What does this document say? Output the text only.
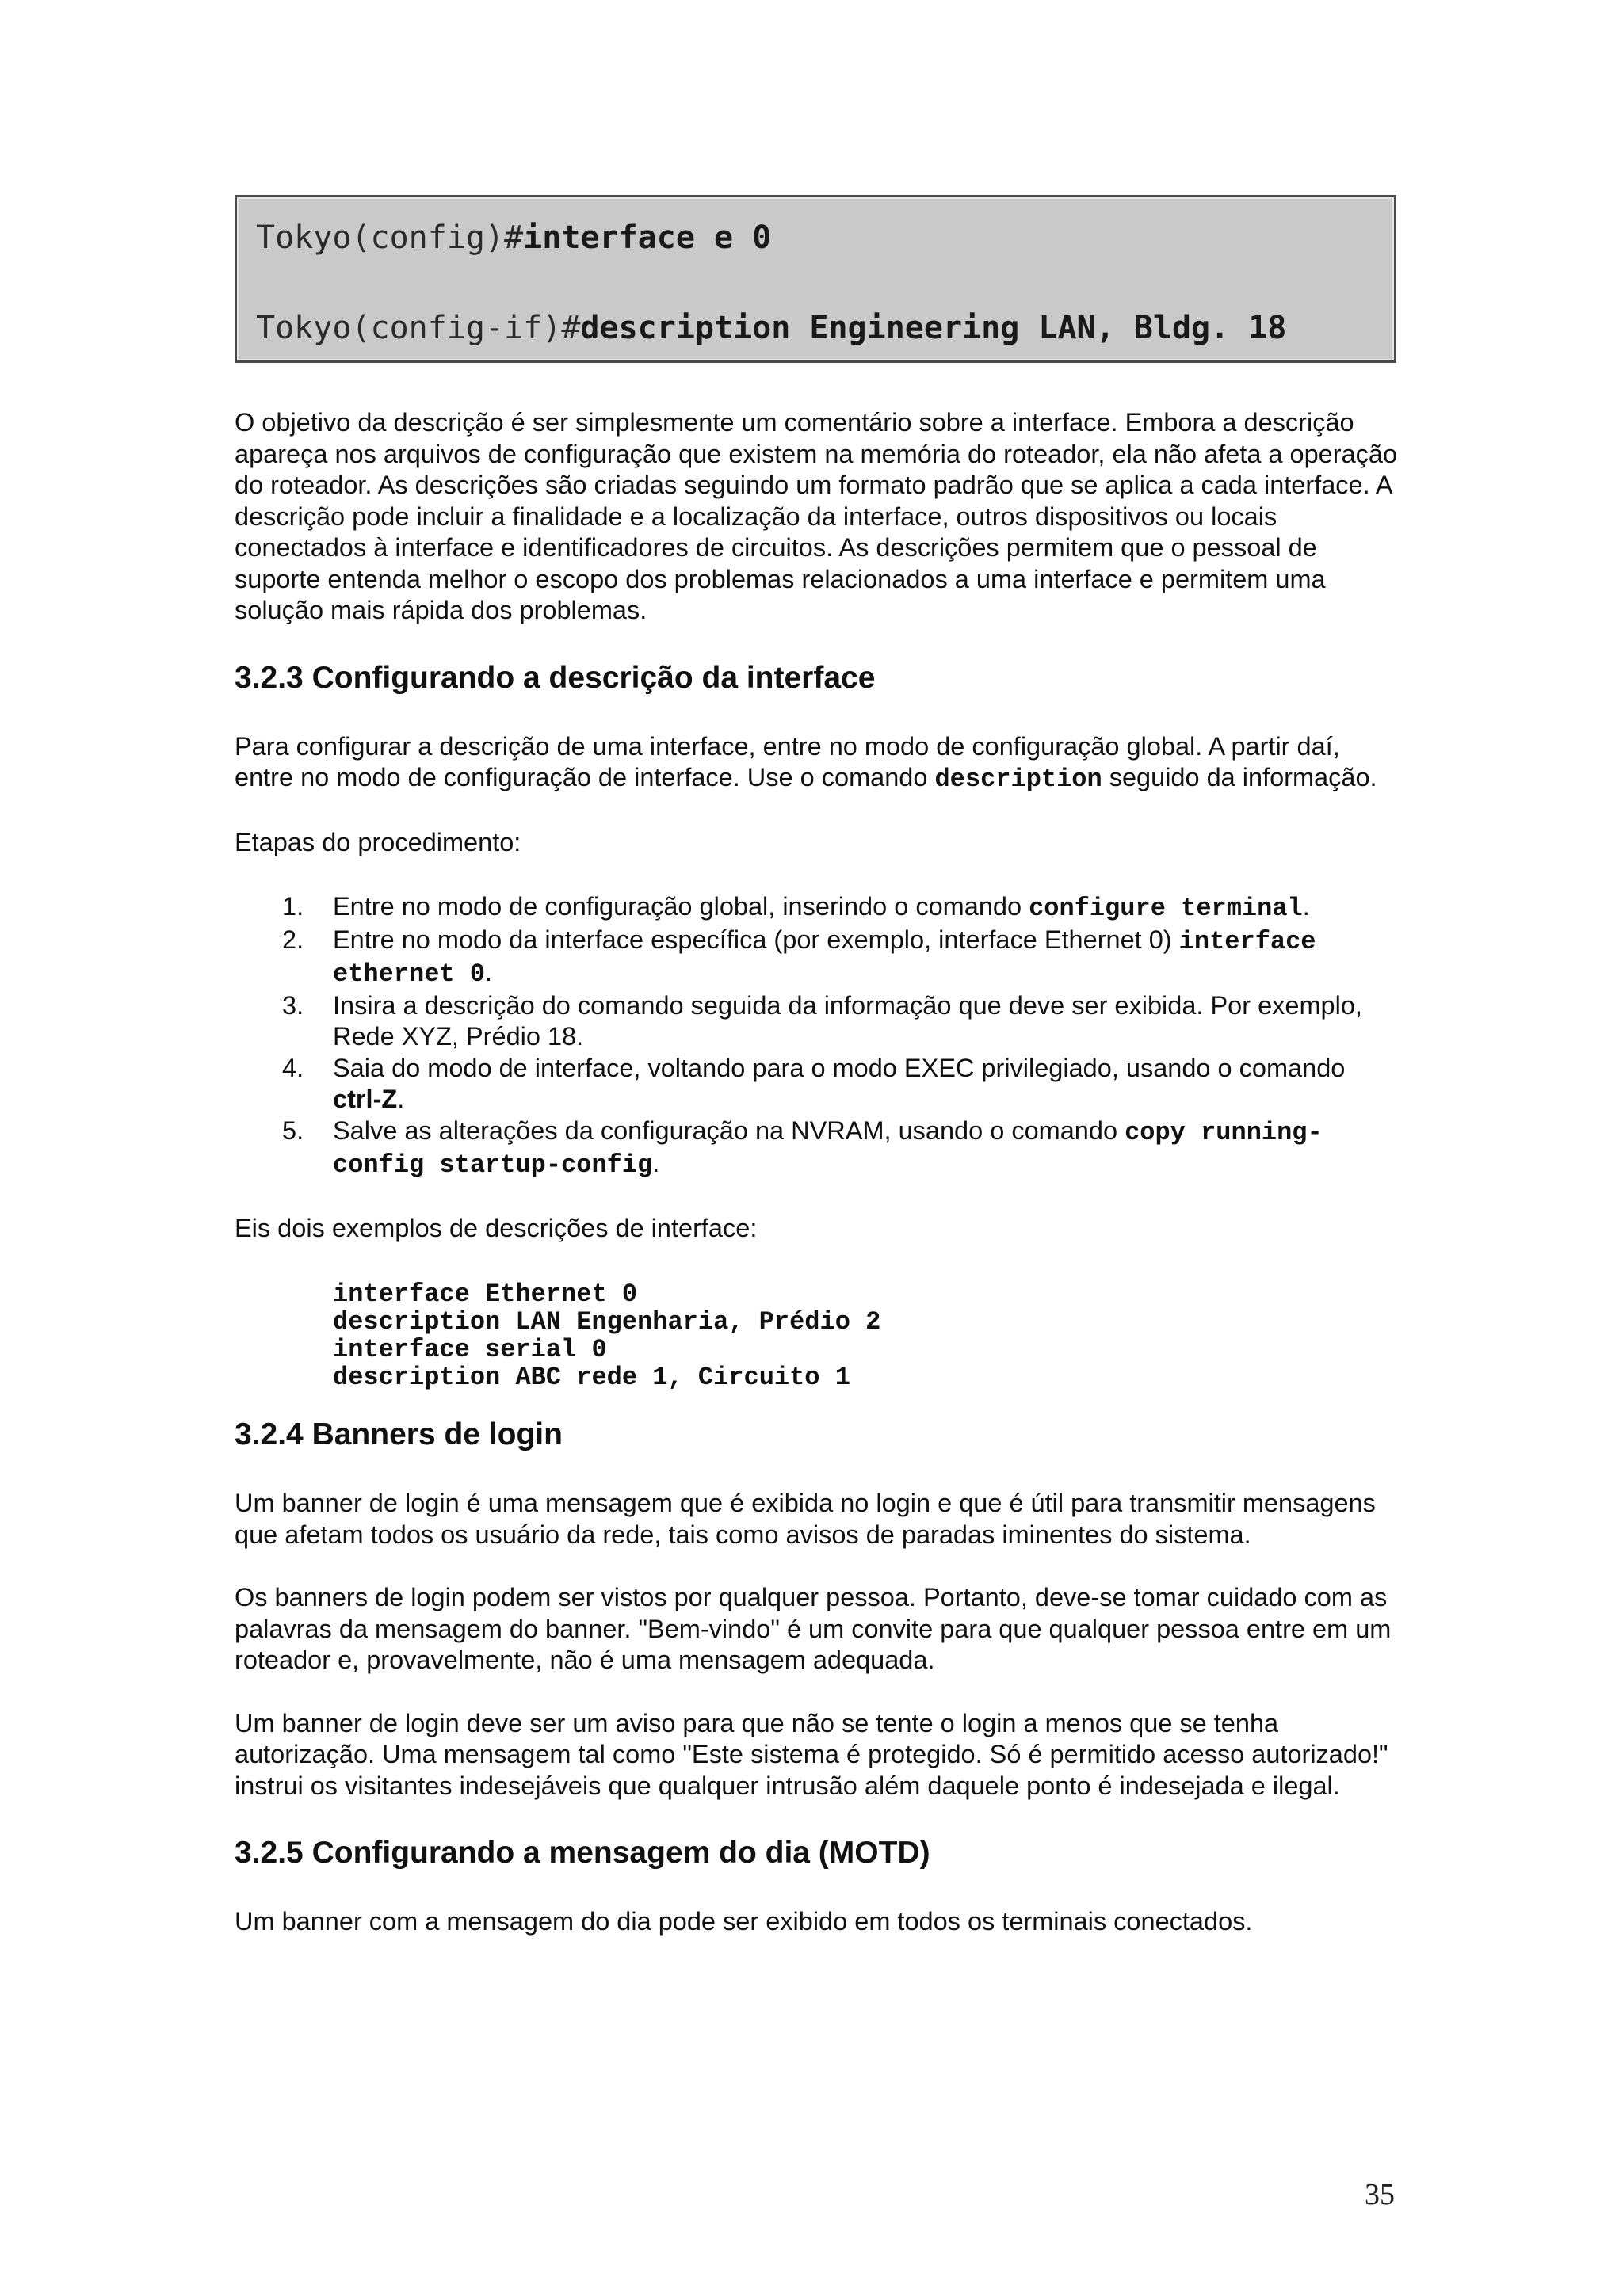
Tokyo(config)#interface e 0
Tokyo(config-if)#description Engineering LAN, Bldg. 18

O objetivo da descrição é ser simplesmente um comentário sobre a interface. Embora a descrição apareça nos arquivos de configuração que existem na memória do roteador, ela não afeta a operação do roteador. As descrições são criadas seguindo um formato padrão que se aplica a cada interface. A descrição pode incluir a finalidade e a localização da interface, outros dispositivos ou locais conectados à interface e identificadores de circuitos. As descrições permitem que o pessoal de suporte entenda melhor o escopo dos problemas relacionados a uma interface e permitem uma solução mais rápida dos problemas.

3.2.3 Configurando a descrição da interface

Para configurar a descrição de uma interface, entre no modo de configuração global. A partir daí, entre no modo de configuração de interface. Use o comando description seguido da informação.

Etapas do procedimento:

1. Entre no modo de configuração global, inserindo o comando configure terminal.
2. Entre no modo da interface específica (por exemplo, interface Ethernet 0) interface ethernet 0.
3. Insira a descrição do comando seguida da informação que deve ser exibida. Por exemplo, Rede XYZ, Prédio 18.
4. Saia do modo de interface, voltando para o modo EXEC privilegiado, usando o comando ctrl-Z.
5. Salve as alterações da configuração na NVRAM, usando o comando copy running-config startup-config.

Eis dois exemplos de descrições de interface:

interface Ethernet 0
description LAN Engenharia, Prédio 2
interface serial 0
description ABC rede 1, Circuito 1
3.2.4 Banners de login

Um banner de login é uma mensagem que é exibida no login e que é útil para transmitir mensagens que afetam todos os usuário da rede, tais como avisos de paradas iminentes do sistema.

Os banners de login podem ser vistos por qualquer pessoa. Portanto, deve-se tomar cuidado com as palavras da mensagem do banner. "Bem-vindo" é um convite para que qualquer pessoa entre em um roteador e, provavelmente, não é uma mensagem adequada.

Um banner de login deve ser um aviso para que não se tente o login a menos que se tenha autorização. Uma mensagem tal como "Este sistema é protegido. Só é permitido acesso autorizado!" instrui os visitantes indesejáveis que qualquer intrusão além daquele ponto é indesejada e ilegal.

3.2.5 Configurando a mensagem do dia (MOTD)

Um banner com a mensagem do dia pode ser exibido em todos os terminais conectados.

35
